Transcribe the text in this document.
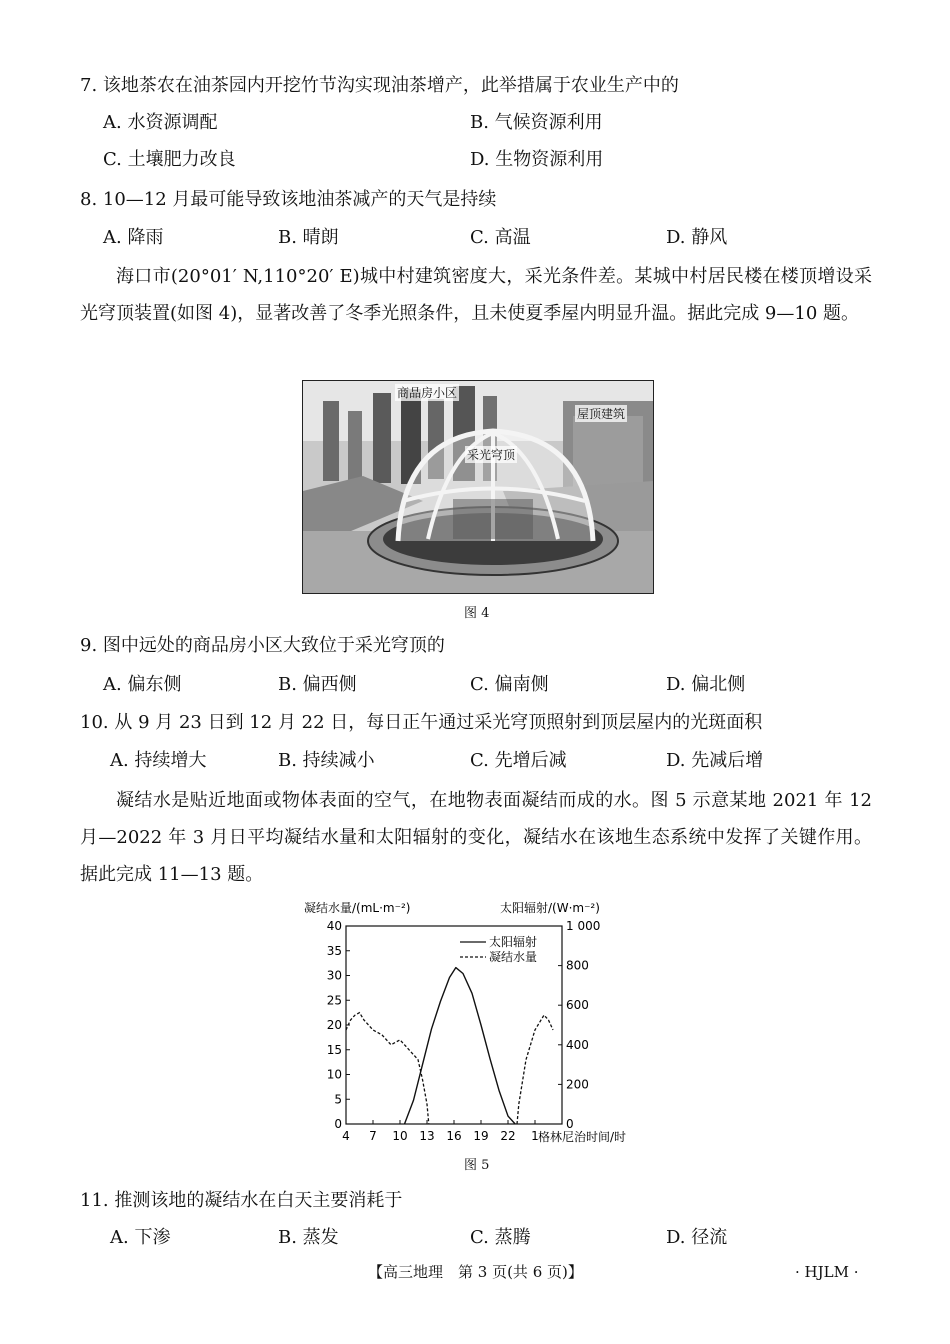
7. 该地茶农在油茶园内开挖竹节沟实现油茶增产，此举措属于农业生产中的
A. 水资源调配	B. 气候资源利用
C. 土壤肥力改良	D. 生物资源利用
8. 10—12 月最可能导致该地油茶减产的天气是持续
A. 降雨	B. 晴朗	C. 高温	D. 静风
海口市(20°01′ N,110°20′ E)城中村建筑密度大，采光条件差。某城中村居民楼在楼顶增设采光穹顶装置(如图 4)，显著改善了冬季光照条件，且未使夏季屋内明显升温。据此完成 9—10 题。
商品房小区
屋顶建筑
采光穹顶
图 4
9. 图中远处的商品房小区大致位于采光穹顶的
A. 偏东侧	B. 偏西侧	C. 偏南侧	D. 偏北侧
10. 从 9 月 23 日到 12 月 22 日，每日正午通过采光穹顶照射到顶层屋内的光斑面积
A. 持续增大	B. 持续减小	C. 先增后减	D. 先减后增
凝结水是贴近地面或物体表面的空气，在地物表面凝结而成的水。图 5 示意某地 2021 年 12 月—2022 年 3 月日平均凝结水量和太阳辐射的变化，凝结水在该地生态系统中发挥了关键作用。据此完成 11—13 题。
凝结水量/(mL·m⁻²)	太阳辐射/(W·m⁻²)
0
5
10
15
20
25
30
35
40
0
200
400
600
800
1 000
4 7 10 13 16 19 22 1
太阳辐射
凝结水量
格林尼治时间/时
图 5
11. 推测该地的凝结水在白天主要消耗于
A. 下渗	B. 蒸发	C. 蒸腾	D. 径流
【高三地理　第 3 页(共 6 页)】	· HJLM ·
